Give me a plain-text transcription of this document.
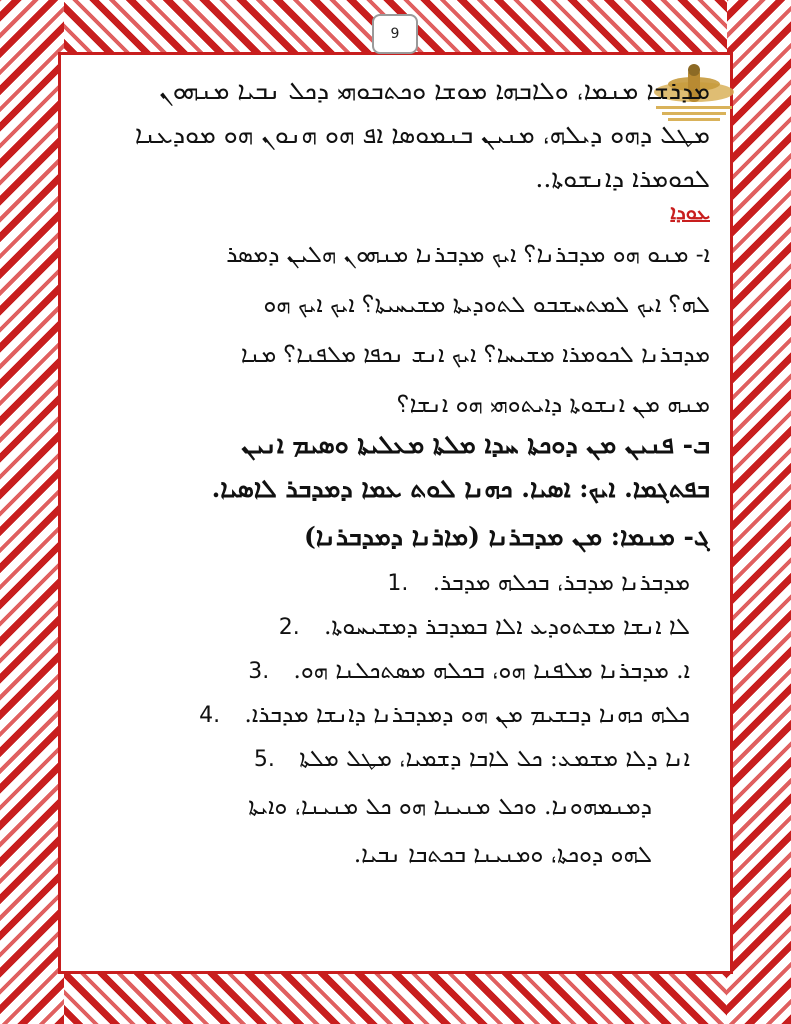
9
ܡܕܪܫܐ ܡܢܡܐ، ܘܠܐܒܗܐ ܡܘܫܐ ܘܟܬܒܘܗܝ ܕܟܠ ܢܒܝܐ ܡܢܗܘܢ
ܡܛܠ ܕܗܘ ܕܝܠܗ، ܡܢܝܢ ܒܢܡܘܣܐ ܐܦ ܗܘ ܗܢܘܢ ܗܘ ܡܘܕܥܢܐ
ܠܟܘܡܪܐ ܕܐܢܫܘܬܐ..
ܥܘܕܐ
ܐ- ܡܢܘ ܗܘ ܡܕܒܪܢܐ؟ ܐܝܟ ܡܕܒܪܢܐ ܡܢܗܘܢ ܗܠܝܢ ܕܡܣܪ
ܠܗ؟ ܐܝܟ ܠܡܬܚܫܒܘ ܠܬܘܕܝܬܐ ܡܫܝܚܝܬܐ؟ ܐܝܟ ܐܝܟ ܗܘ
ܡܕܒܪܢܐ ܠܟܘܡܪܐ ܡܫܝܚܐ؟ ܐܝܟ ܐܢܫ ܢܟܦܐ ܡܠܦܢܐ؟ ܡܢܐ
ܡܢܗ ܡܢ ܐܢܫܘܬܐ ܕܐܝܬܘܗܝ ܗܘ ܐܢܫܐ؟
ܒ- ܦܢܝܢ ܡܢ ܕܘܟܬܐ ܚܕܐ ܡܠܬܐ ܡܥܠܝܬܐ ܘܣܝܡ ܐܢܝܢ
ܒܦܬܓܡܐ. ܐܝܟ: ܐܣܝܐ. ܟܗܢܐ ܠܘܬ ܥܡܐ ܕܡܕܒܪ ܠܐܣܝܐ.
ܓ- ܡܢܡܐ: ܡܢ ܡܕܒܪܢܐ (ܡܐܪܢܐ ܕܡܕܒܪܢܐ)
ܡܕܒܪܢܐ ܡܕܒܪ، ܒܟܠܗ ܡܕܒܪ. 1.
ܠܐ ܐܢܫܐ ܡܫܬܘܕܥ ܐܠܐ ܒܡܕܒܪ ܕܡܫܝܚܘܬܐ. 2.
ܐ. ܡܕܒܪܢܐ ܡܠܦܢܐ ܗܘ، ܒܟܠܗ ܡܣܬܟܠܢܐ ܗܘ. 3.
ܟܠܗ ܟܗܢܐ ܕܒܫܝܡ ܡܢ ܗܘ ܕܡܕܒܪܢܐ ܕܐܢܫܐ ܡܕܒܪܐ. 4.
ܐܢܐ ܕܠܐ ܡܫܡܥ: ܟܠ ܠܐܒܐ ܕܫܡܝܐ، ܡܛܠ ܡܠܬܐ 5.
ܕܡܢܡܗܘܢܐ. ܘܟܠ ܡܢܝܢܐ ܗܘ ܟܠ ܡܢܝܢܐ، ܘܐܝܬܐ
ܠܗܘ ܕܘܟܬܐ، ܘܡܢܝܢܐ ܒܟܬܒܐ ܢܒܝܐ.
